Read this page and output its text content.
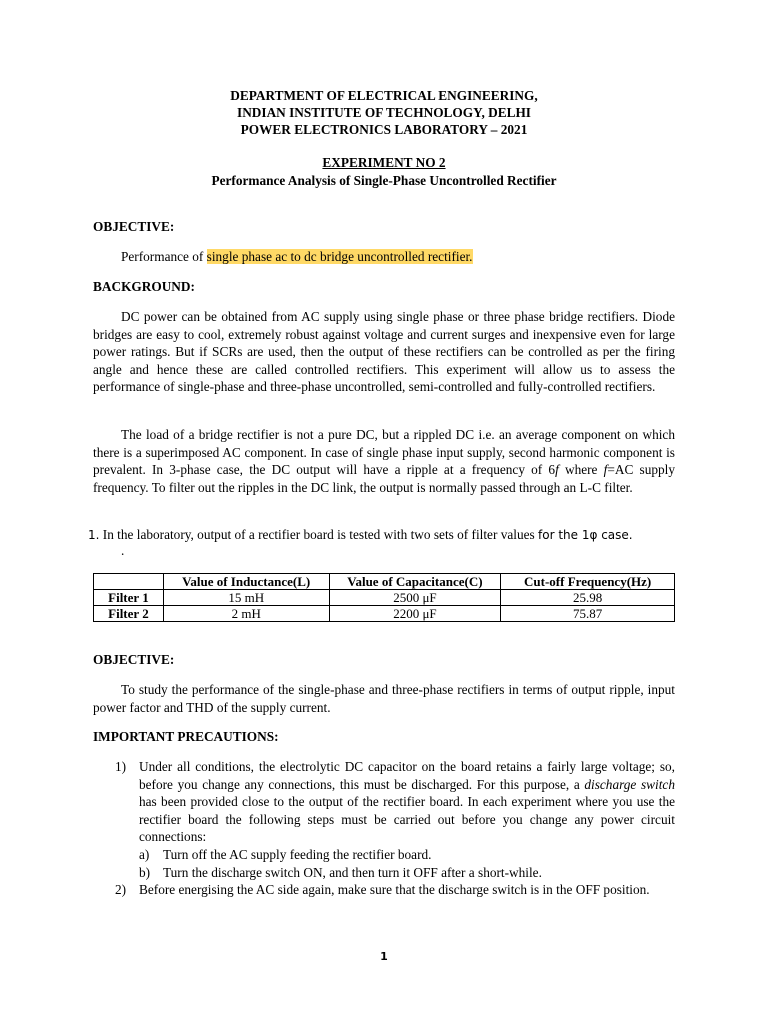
DEPARTMENT OF ELECTRICAL ENGINEERING,
INDIAN INSTITUTE OF TECHNOLOGY, DELHI
POWER ELECTRONICS LABORATORY – 2021
EXPERIMENT NO 2
Performance Analysis of Single-Phase Uncontrolled Rectifier
OBJECTIVE:
Performance of single phase ac to dc bridge uncontrolled rectifier.
BACKGROUND:
DC power can be obtained from AC supply using single phase or three phase bridge rectifiers. Diode bridges are easy to cool, extremely robust against voltage and current surges and inexpensive even for large power ratings. But if SCRs are used, then the output of these rectifiers can be controlled as per the firing angle and hence these are called controlled rectifiers. This experiment will allow us to assess the performance of single-phase and three-phase uncontrolled, semi-controlled and fully-controlled rectifiers.
The load of a bridge rectifier is not a pure DC, but a rippled DC i.e. an average component on which there is a superimposed AC component. In case of single phase input supply, second harmonic component is prevalent. In 3-phase case, the DC output will have a ripple at a frequency of 6f where f=AC supply frequency. To filter out the ripples in the DC link, the output is normally passed through an L-C filter.
1. In the laboratory, output of a rectifier board is tested with two sets of filter values for the 1φ case.
.
	Value of Inductance(L)	Value of Capacitance(C)	Cut-off Frequency(Hz)
Filter 1	15 mH	2500 μF	25.98
Filter 2	2 mH	2200 μF	75.87
OBJECTIVE:
To study the performance of the single-phase and three-phase rectifiers in terms of output ripple, input power factor and THD of the supply current.
IMPORTANT PRECAUTIONS:
1) Under all conditions, the electrolytic DC capacitor on the board retains a fairly large voltage; so, before you change any connections, this must be discharged. For this purpose, a discharge switch has been provided close to the output of the rectifier board. In each experiment where you use the rectifier board the following steps must be carried out before you change any power circuit connections:
a) Turn off the AC supply feeding the rectifier board.
b) Turn the discharge switch ON, and then turn it OFF after a short-while.
2) Before energising the AC side again, make sure that the discharge switch is in the OFF position.
1
